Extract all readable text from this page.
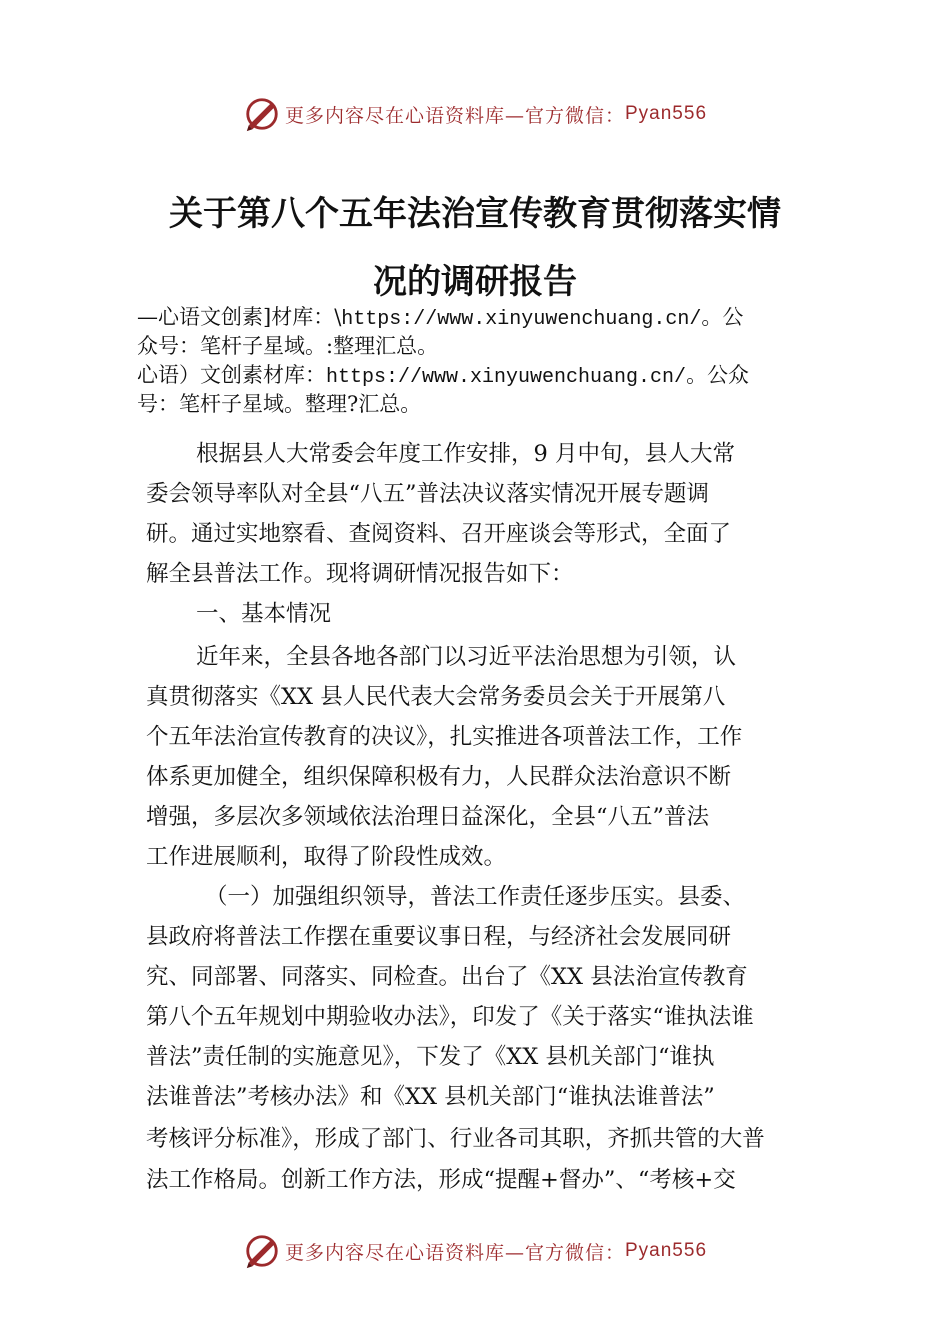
更多内容尽在心语资料库—官方微信： Pyan556
关于第八个五年法治宣传教育贯彻落实情
况的调研报告
—心语文创素]材库：\https://www.xinyuwenchuang.cn/。公
众号：笔杆子星域。:整理汇总。
心语）文创素材库：https://www.xinyuwenchuang.cn/。公众
号：笔杆子星域。整理?汇总。
根据县人大常委会年度工作安排，9 月中旬，县人大常
委会领导率队对全县“八五”普法决议落实情况开展专题调
研。通过实地察看、查阅资料、召开座谈会等形式，全面了
解全县普法工作。现将调研情况报告如下：
一、基本情况
近年来，全县各地各部门以习近平法治思想为引领，认
真贯彻落实《XX 县人民代表大会常务委员会关于开展第八
个五年法治宣传教育的决议》，扎实推进各项普法工作，工作
体系更加健全，组织保障积极有力，人民群众法治意识不断
增强，多层次多领域依法治理日益深化，全县“八五”普法
工作进展顺利，取得了阶段性成效。
（一）加强组织领导，普法工作责任逐步压实。县委、
县政府将普法工作摆在重要议事日程，与经济社会发展同研
究、同部署、同落实、同检查。出台了《XX 县法治宣传教育
第八个五年规划中期验收办法》，印发了《关于落实“谁执法谁
普法”责任制的实施意见》，下发了《XX 县机关部门“谁执
法谁普法”考核办法》和《XX 县机关部门“谁执法谁普法”
考核评分标准》，形成了部门、行业各司其职，齐抓共管的大普
法工作格局。创新工作方法，形成“提醒+督办”、“考核+交
更多内容尽在心语资料库—官方微信： Pyan556
